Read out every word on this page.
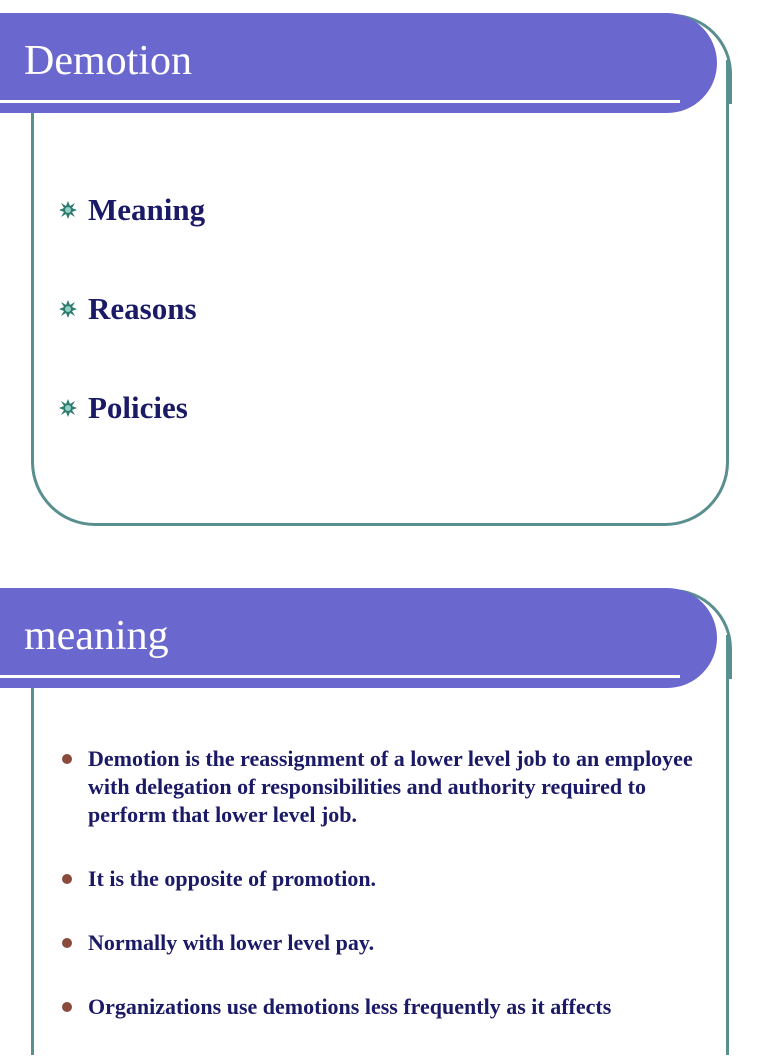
Demotion
Meaning
Reasons
Policies
meaning
Demotion is the reassignment of a lower level job to an employee with delegation of responsibilities and authority required to perform that lower level job.
It is the opposite of promotion.
Normally with lower level pay.
Organizations use demotions less frequently as it affects
